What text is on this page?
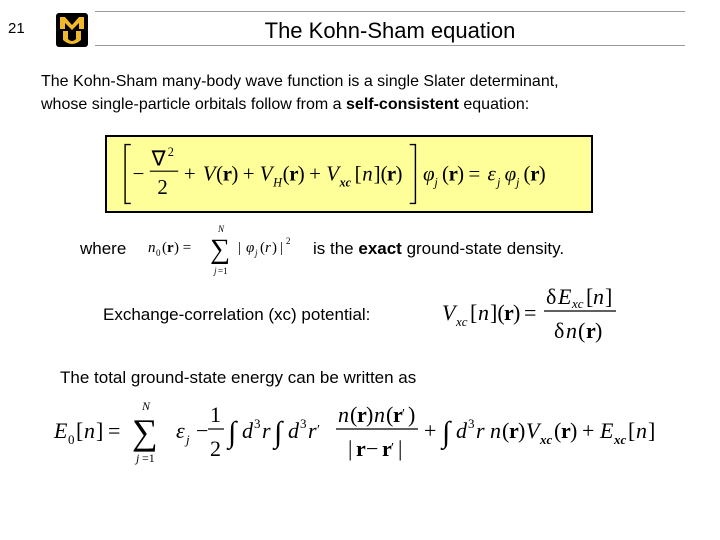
21	The Kohn-Sham equation
The Kohn-Sham many-body wave function is a single Slater determinant,
whose single-particle orbitals follow from a self-consistent equation:
−
∇ 2
2
+ V ( r ) + V H ( r ) + V xc [ n ]( r ) φ j ( r ) = ε j φ j ( r )
where n 0 ( r ) =
N
∑
j =1
| φ j ( r ) | 2 is the exact ground-state density.
Exchange-correlation (xc) potential:	V xc [ n ]( r ) =
δ E xc [ n ]
δ n ( r )
The total ground-state energy can be written as
E 0 [ n ] =
N
∑
j =1
ε j −
1
2 ∫ d 3 r ∫ d 3 r ′
n ( r ) n ( r ′ )
| r − r ′ |
+ ∫ d 3 r n ( r ) V xc ( r ) + E xc [ n ]
